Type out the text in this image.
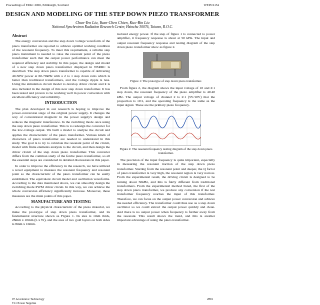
Proceedings of EPAC 2006, Edinburgh, Scotland	WEPLS134
DESIGN AND MODELING OF THE STEP DOWN PIEZO TRANSFORMER
Chun-Yen Liu, Yuan-Chen Chien, Kuo-Bin Liu
National Synchrotron Radiation Research Center, Hsinchu 30076, Taiwan, R.O.C.
Abstract

The energy conversion and the step down voltage waveform of the piezo transformer are reported to achieve optimal working condition of the resonant frequency. To meet this requirement, a reliable step piezo instrument is needed to raise the resonant point of the piezo transformer such that the output power performance can meet the required efficiency and stability. In this paper, the design and model of a new step down piezo transformer displayed in NSRRC is described. The step down piezo transformer is capable of delivering 40-50W power at 60-70kHz with a 2 to 1 step down ratio which is better than traditional transformers, and the voltage ripple is less. Using the simulation circuit model to develop driver circuit and it is also included in the design of this new step down transformer. It has been tested and proven to be working well in power conversion with excellent efficiency and reliability.

INTRODUCTION

The plan developed in our research is hoping to improve the power-conversion stage of the original power supply. It changes the way of conventional magnetic in the power supply's design and reduces the magnetic interference. In the switching mode once using the step down piezo transformer. This is to redesign the converter for the low-voltage output. We built a model to analyze the circuit and applies the characteristic of the piezo transformer. Various kinds of characters of piezo transformer are needed to understand in this study. The goal is to try to calculate the resonant point of the circuit, model with finite elements analysis to the circuit, and then design the driver circuit of the step down piezo transformer. This converter differs from the common study of the ferrite piezo transformer, so all the essential steps are considered in detailed discussions in this paper.

In order to improve the efficiency in the research, we have utilized a novel equipment to measure the resonant frequency and resonant point so the characteristic of the piezo transformer can be easily established. The equivalent circuit model and oscillation waveforms. According to the data mentioned above, we can smoothly design the switching mode PWM driver circuit. In this way, we can achieve the whole conversion efficiency significantly increase. Moreover, these measures are the main points of this paper.

MANUFACTURE AND TESTING

According to the physical characteristic of the piezo material, we make the prototype of step down piezo transformer, and its fundamental structure shown as Figure 1. Its size is 1mm thick, 28mm x 10mm (L x W), and the area of two gold layers on both sides is 8mm x 10mm.

isolated energy power. If the step of figure 1 is connected to power amplifier, it frequency response is about at 50 kHz. The input and output resonant frequency response and testing diagram of the step down piezo transformer show as figure 2.

Figure 1: The prototype of step down piezo transformer.

From figure 2, the diagram shows the input voltage of 10 and 2:1 step down, the resonant frequency of the piezo amplifier is 40.40 kHz. The output voltage of channel 2 is 2:1 (5V/10V) that the proportion is 10:1, and the operating frequency is the same as the input signal. These are the primary piezo frequency.

Figure 2: The resonant frequency testing diagram of the step down piezo transformer.

The precision of the input frequency is quite important, especially in measuring the resonant traction of the step down piezo transformer. Starting from the resonant point and deeper, the Q factor of piezo transformer is very high, the resonant region is very narrow. From the experimental result, the driving circuit is designed to be turning about 50kHz, and this is fairly different from traditional transformers. From the experimental method listed, the first of the step down piezo transformer, we produce any conversion if the test transformer frequency reaches the input of this transformer. Therefore, we can focus on the output power conversion and achieve the needed efficiency. The transformer could thus use as a step down oscillator so we could extract the output power quickly and clean. And there is no output power when frequency is further away from the resonant. This result shows the trend, and this is another important advantage of using the piezo transformer.

07 Accelerator Technology
T11 Power Supplies
2891
